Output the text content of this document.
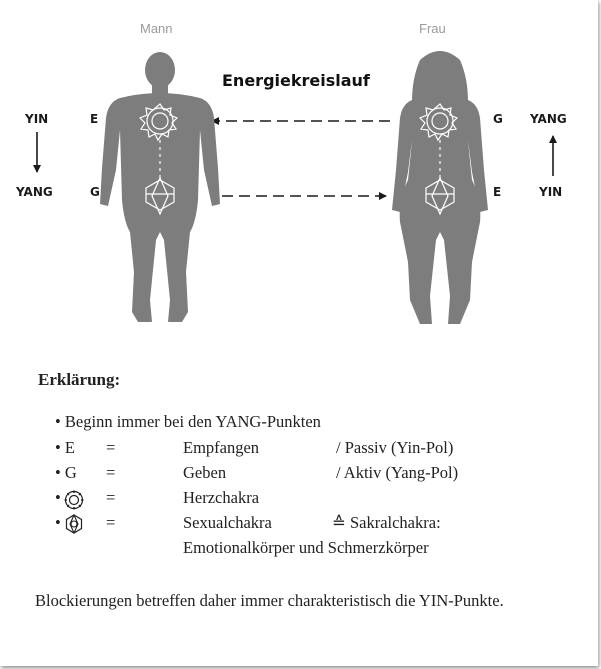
Mann	Frau
Energiekreislauf
YIN
YANG
E
G
G
E
YANG
YIN
Erklärung:
• Beginn immer bei den YANG-Punkten
• E =	Empfangen	/ Passiv (Yin-Pol)
• G =	Geben	/ Aktiv (Yang-Pol)
•	=	Herzchakra
•	=	Sexualchakra	≙ Sakralchakra:
Emotionalkörper und Schmerzkörper
Blockierungen betreffen daher immer charakteristisch die YIN-Punkte.
